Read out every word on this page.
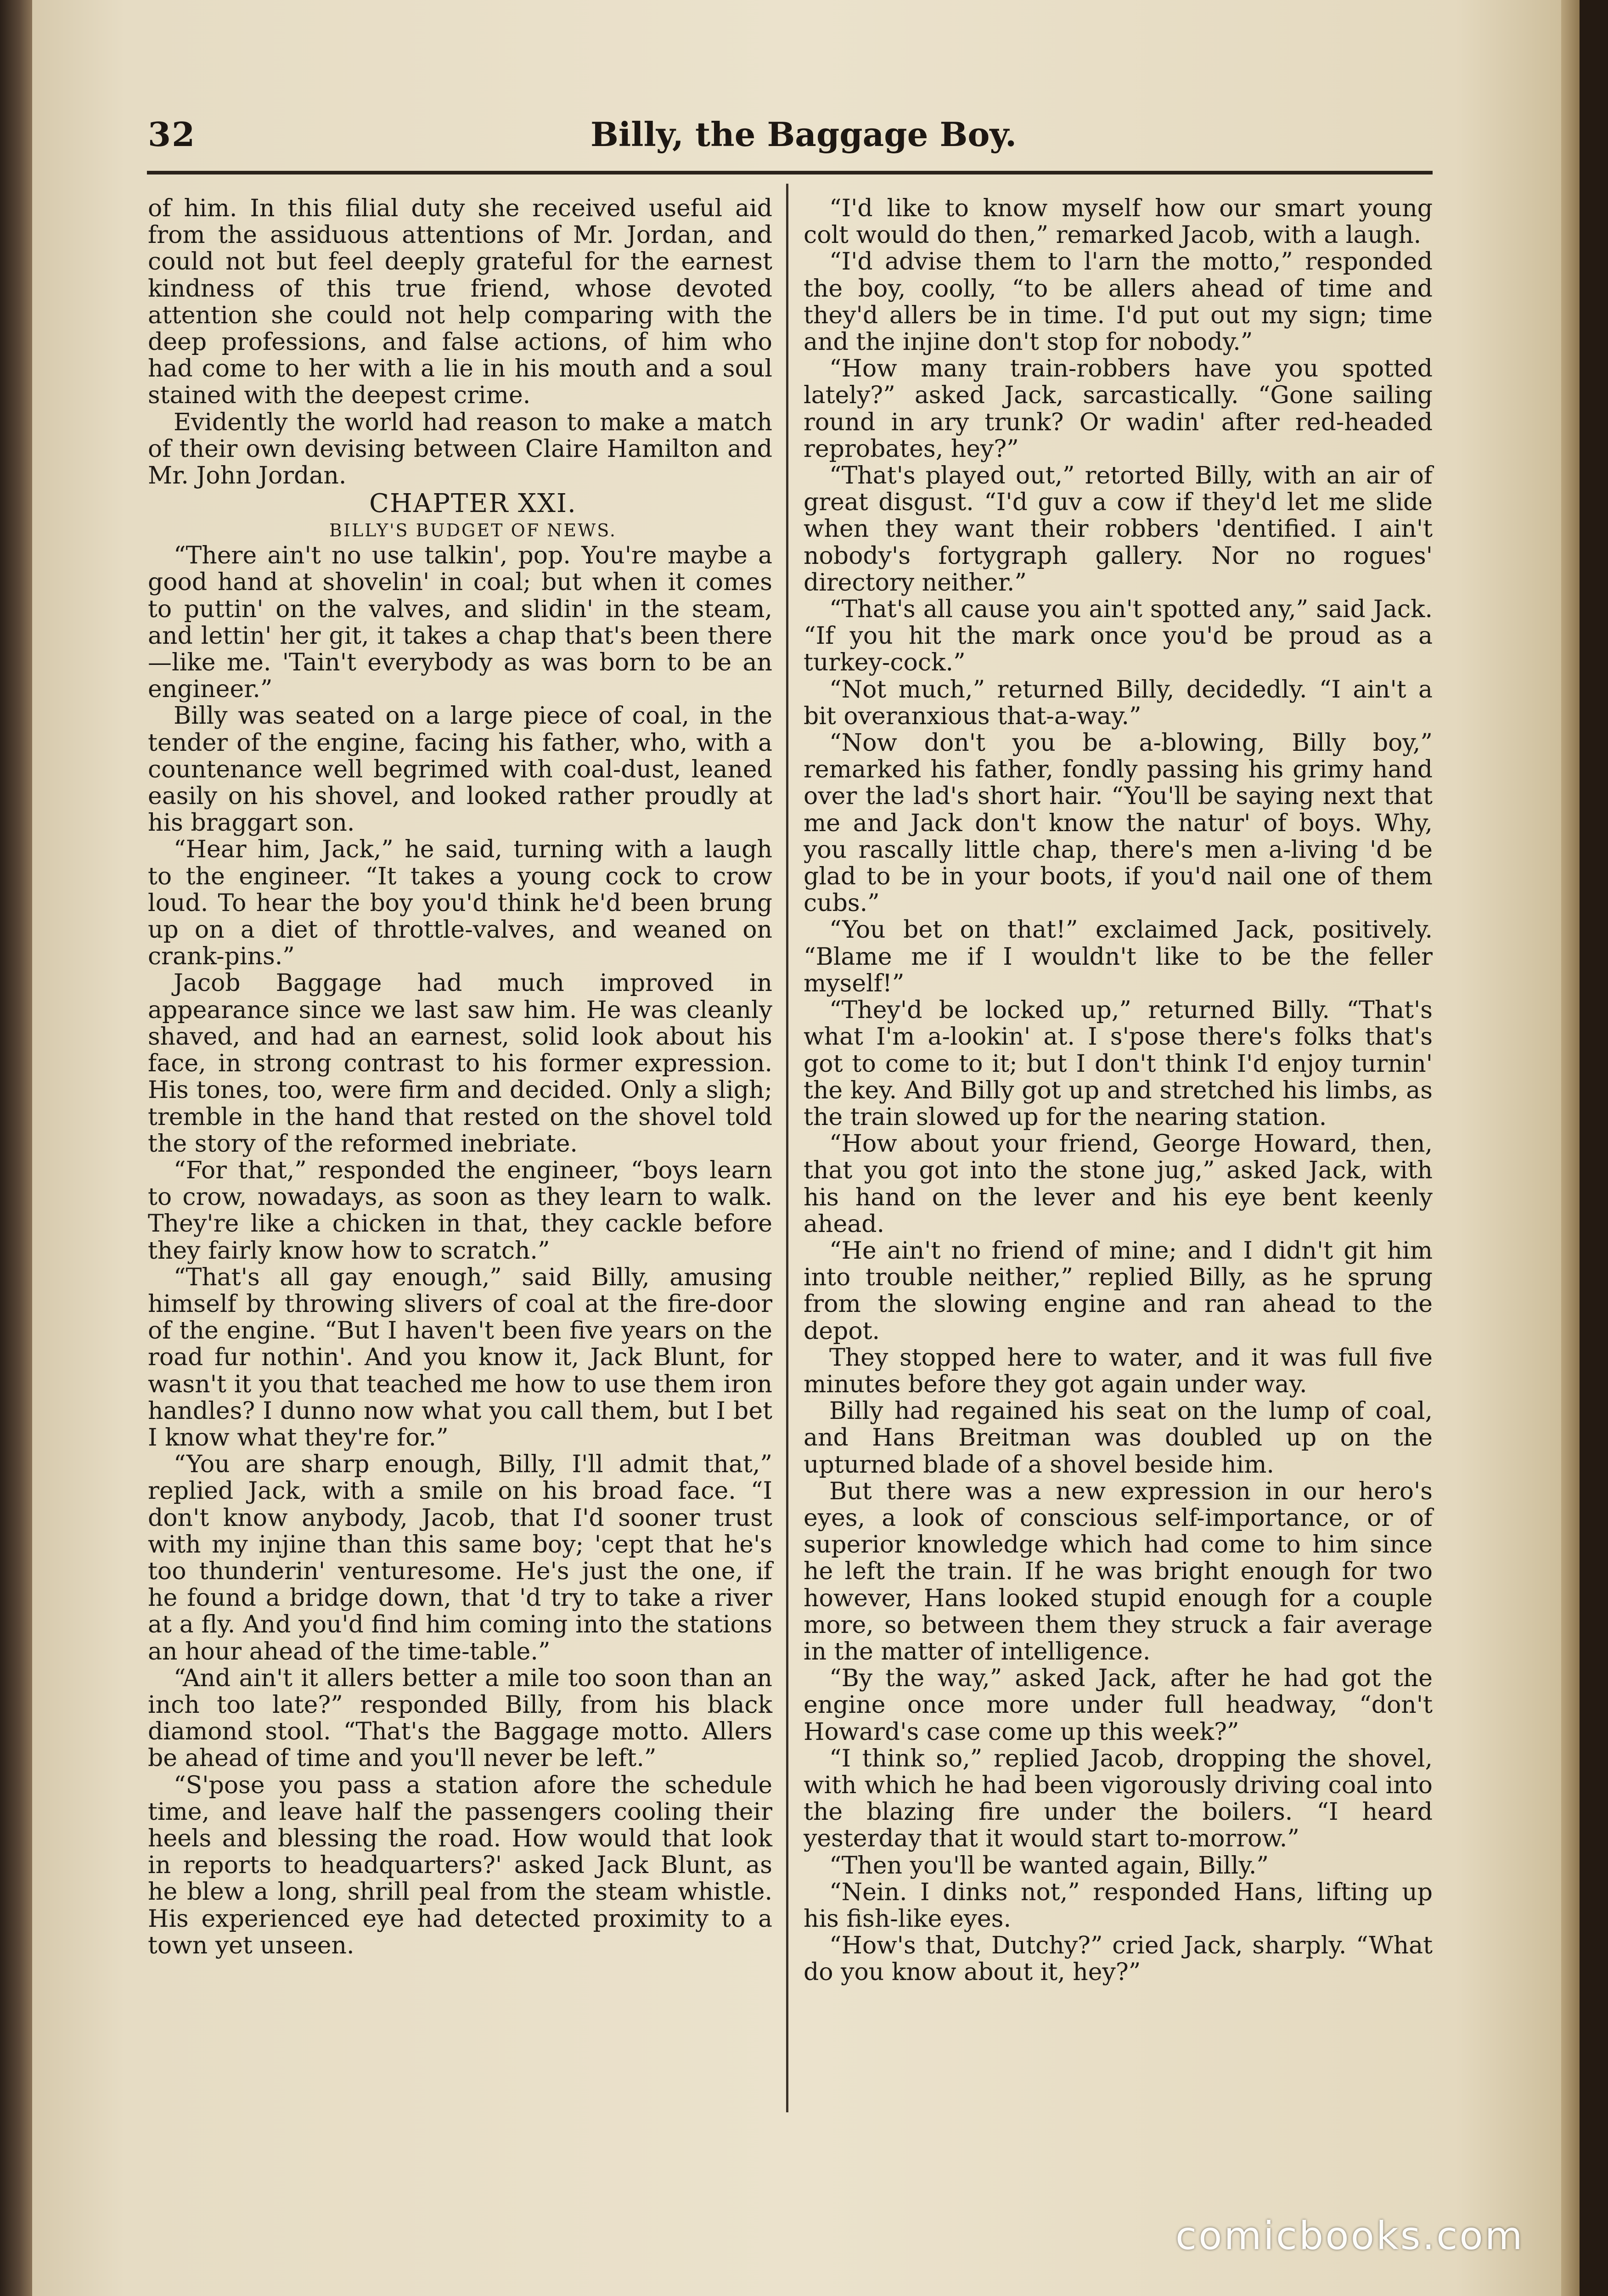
32	Billy, the Baggage Boy.

of him. In this filial duty she received useful aid from the assiduous attentions of Mr. Jordan, and could not but feel deeply grateful for the earnest kindness of this true friend, whose devoted attention she could not help comparing with the deep professions, and false actions, of him who had come to her with a lie in his mouth and a soul stained with the deepest crime.

Evidently the world had reason to make a match of their own devising between Claire Hamilton and Mr. John Jordan.

CHAPTER XXI.

BILLY'S BUDGET OF NEWS.

“There ain't no use talkin', pop. You're maybe a good hand at shovelin' in coal; but when it comes to puttin' on the valves, and slidin' in the steam, and lettin' her git, it takes a chap that's been there—like me. 'Tain't everybody as was born to be an engineer.”

Billy was seated on a large piece of coal, in the tender of the engine, facing his father, who, with a countenance well begrimed with coal-dust, leaned easily on his shovel, and looked rather proudly at his braggart son.

“Hear him, Jack,” he said, turning with a laugh to the engineer. “It takes a young cock to crow loud. To hear the boy you'd think he'd been brung up on a diet of throttle-valves, and weaned on crank-pins.”

Jacob Baggage had much improved in appearance since we last saw him. He was cleanly shaved, and had an earnest, solid look about his face, in strong contrast to his former expression. His tones, too, were firm and decided. Only a sligh; tremble in the hand that rested on the shovel told the story of the reformed inebriate.

“For that,” responded the engineer, “boys learn to crow, nowadays, as soon as they learn to walk. They're like a chicken in that, they cackle before they fairly know how to scratch.”

“That's all gay enough,” said Billy, amusing himself by throwing slivers of coal at the fire-door of the engine. “But I haven't been five years on the road fur nothin'. And you know it, Jack Blunt, for wasn't it you that teached me how to use them iron handles? I dunno now what you call them, but I bet I know what they're for.”

“You are sharp enough, Billy, I'll admit that,” replied Jack, with a smile on his broad face. “I don't know anybody, Jacob, that I'd sooner trust with my injine than this same boy; 'cept that he's too thunderin' venturesome. He's just the one, if he found a bridge down, that 'd try to take a river at a fly. And you'd find him coming into the stations an hour ahead of the time-table.”

“And ain't it allers better a mile too soon than an inch too late?” responded Billy, from his black diamond stool. “That's the Baggage motto. Allers be ahead of time and you'll never be left.”

“S'pose you pass a station afore the schedule time, and leave half the passengers cooling their heels and blessing the road. How would that look in reports to headquarters?' asked Jack Blunt, as he blew a long, shrill peal from the steam whistle. His experienced eye had detected proximity to a town yet unseen.

“I'd like to know myself how our smart young colt would do then,” remarked Jacob, with a laugh.

“I'd advise them to l'arn the motto,” responded the boy, coolly, “to be allers ahead of time and they'd allers be in time. I'd put out my sign; time and the injine don't stop for nobody.”

“How many train-robbers have you spotted lately?” asked Jack, sarcastically. “Gone sailing round in ary trunk? Or wadin' after red-headed reprobates, hey?”

“That's played out,” retorted Billy, with an air of great disgust. “I'd guv a cow if they'd let me slide when they want their robbers 'dentified. I ain't nobody's fortygraph gallery. Nor no rogues' directory neither.”

“That's all cause you ain't spotted any,” said Jack. “If you hit the mark once you'd be proud as a turkey-cock.”

“Not much,” returned Billy, decidedly. “I ain't a bit overanxious that-a-way.”

“Now don't you be a-blowing, Billy boy,” remarked his father, fondly passing his grimy hand over the lad's short hair. “You'll be saying next that me and Jack don't know the natur' of boys. Why, you rascally little chap, there's men a-living 'd be glad to be in your boots, if you'd nail one of them cubs.”

“You bet on that!” exclaimed Jack, positively. “Blame me if I wouldn't like to be the feller myself!”

“They'd be locked up,” returned Billy. “That's what I'm a-lookin' at. I s'pose there's folks that's got to come to it; but I don't think I'd enjoy turnin' the key. And Billy got up and stretched his limbs, as the train slowed up for the nearing station.

“How about your friend, George Howard, then, that you got into the stone jug,” asked Jack, with his hand on the lever and his eye bent keenly ahead.

“He ain't no friend of mine; and I didn't git him into trouble neither,” replied Billy, as he sprung from the slowing engine and ran ahead to the depot.

They stopped here to water, and it was full five minutes before they got again under way.

Billy had regained his seat on the lump of coal, and Hans Breitman was doubled up on the upturned blade of a shovel beside him.

But there was a new expression in our hero's eyes, a look of conscious self-importance, or of superior knowledge which had come to him since he left the train. If he was bright enough for two however, Hans looked stupid enough for a couple more, so between them they struck a fair average in the matter of intelligence.

“By the way,” asked Jack, after he had got the engine once more under full headway, “don't Howard's case come up this week?”

“I think so,” replied Jacob, dropping the shovel, with which he had been vigorously driving coal into the blazing fire under the boilers. “I heard yesterday that it would start to-morrow.”

“Then you'll be wanted again, Billy.”

“Nein. I dinks not,” responded Hans, lifting up his fish-like eyes.

“How's that, Dutchy?” cried Jack, sharply. “What do you know about it, hey?”

comicbooks.com
